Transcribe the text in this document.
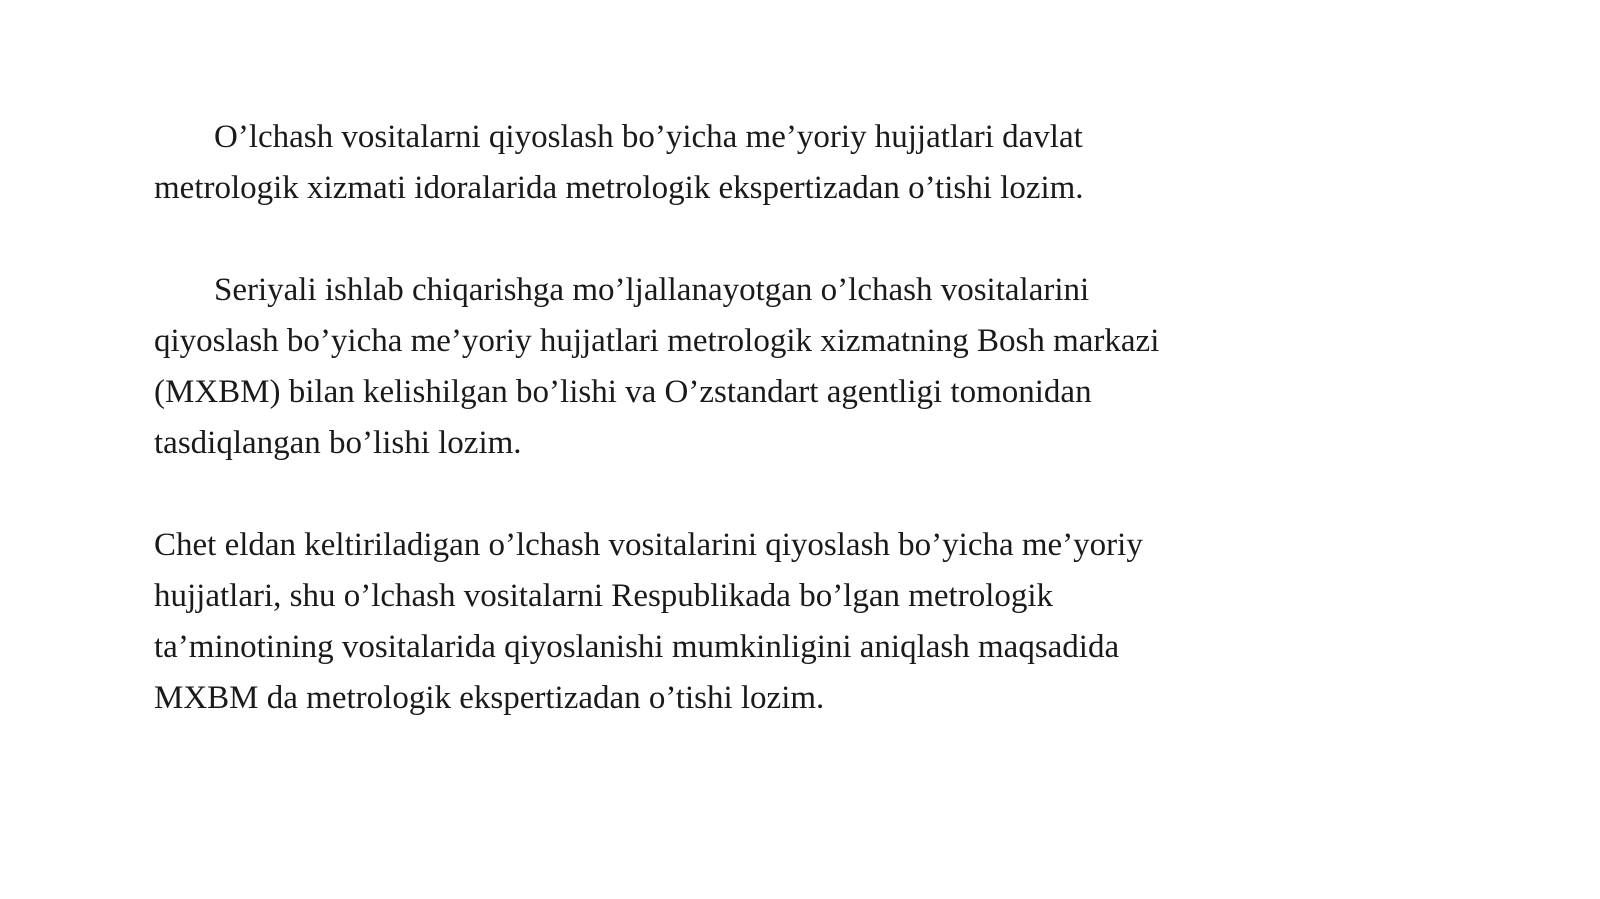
O’lchash vositalarni qiyoslash bo’yicha me’yoriy hujjatlari davlat
metrologik xizmati idoralarida metrologik ekspertizadan o’tishi lozim.

Seriyali ishlab chiqarishga mo’ljallanayotgan o’lchash vositalarini
qiyoslash bo’yicha me’yoriy hujjatlari metrologik xizmatning Bosh markazi
(MXBM) bilan kelishilgan bo’lishi va O’zstandart agentligi tomonidan
tasdiqlangan bo’lishi lozim.

Chet eldan keltiriladigan o’lchash vositalarini qiyoslash bo’yicha me’yoriy
hujjatlari, shu o’lchash vositalarni Respublikada bo’lgan metrologik
ta’minotining vositalarida qiyoslanishi mumkinligini aniqlash maqsadida
MXBM da metrologik ekspertizadan o’tishi lozim.
